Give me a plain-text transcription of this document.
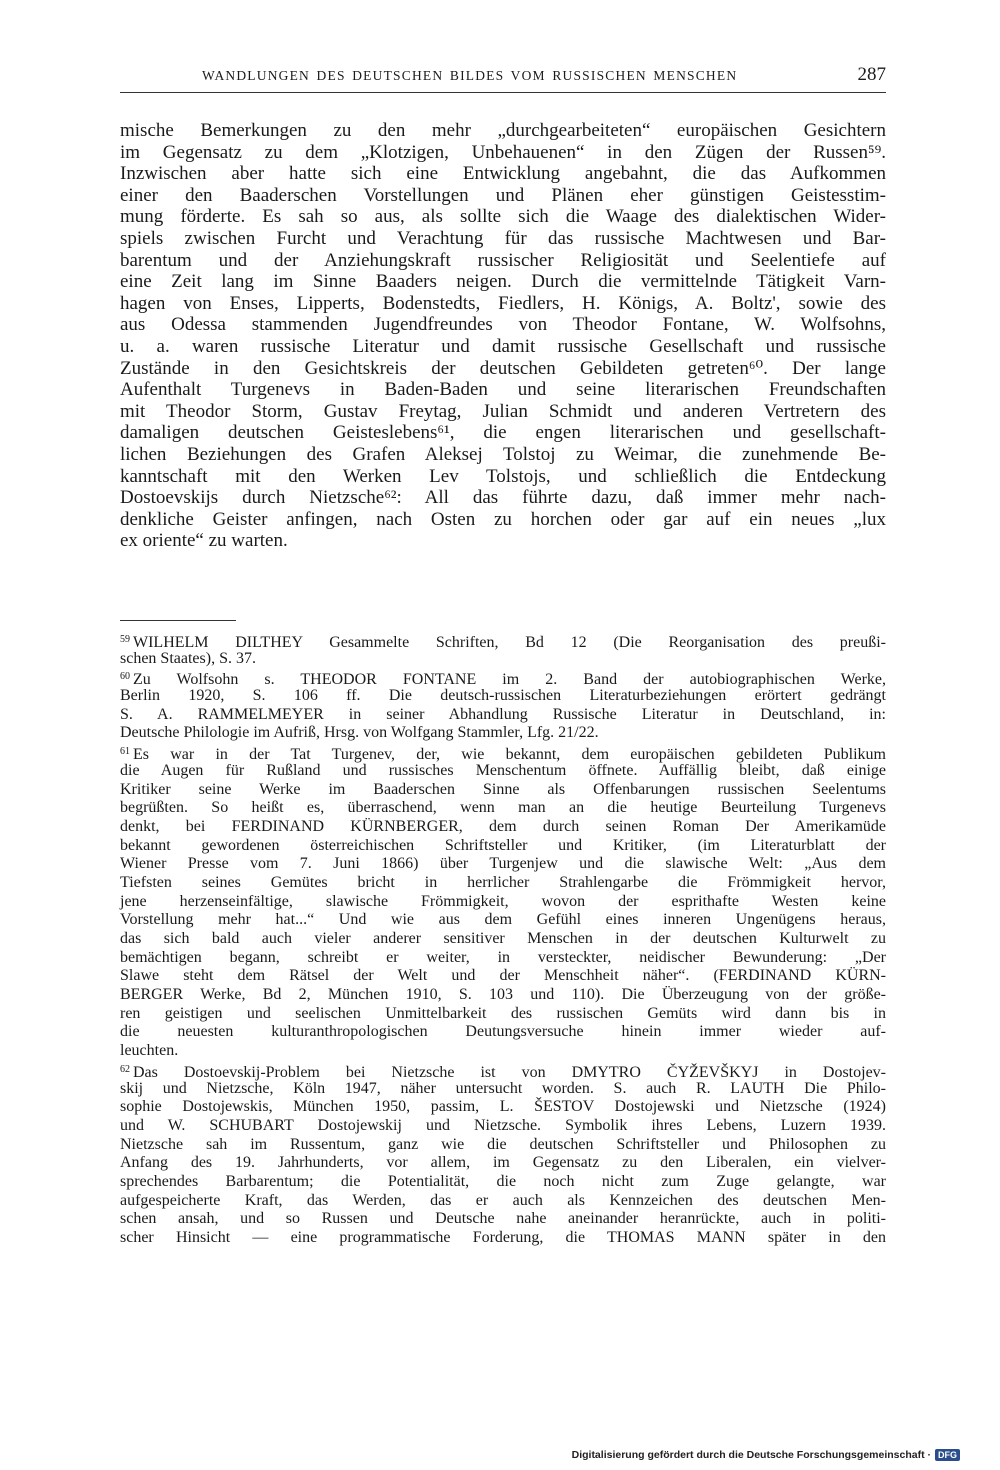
WANDLUNGEN DES DEUTSCHEN BILDES VOM RUSSISCHEN MENSCHEN	287
mische Bemerkungen zu den mehr „durchgearbeiteten“ europäischen Gesichtern
im Gegensatz zu dem „Klotzigen, Unbehauenen“ in den Zügen der Russen⁵⁹.
Inzwischen aber hatte sich eine Entwicklung angebahnt, die das Aufkommen
einer den Baaderschen Vorstellungen und Plänen eher günstigen Geistesstim-
mung förderte. Es sah so aus, als sollte sich die Waage des dialektischen Wider-
spiels zwischen Furcht und Verachtung für das russische Machtwesen und Bar-
barentum und der Anziehungskraft russischer Religiosität und Seelentiefe auf
eine Zeit lang im Sinne Baaders neigen. Durch die vermittelnde Tätigkeit Varn-
hagen von Enses, Lipperts, Bodenstedts, Fiedlers, H. Königs, A. Boltz', sowie des
aus Odessa stammenden Jugendfreundes von Theodor Fontane, W. Wolfsohns,
u. a. waren russische Literatur und damit russische Gesellschaft und russische
Zustände in den Gesichtskreis der deutschen Gebildeten getreten⁶⁰. Der lange
Aufenthalt Turgenevs in Baden-Baden und seine literarischen Freundschaften
mit Theodor Storm, Gustav Freytag, Julian Schmidt und anderen Vertretern des
damaligen deutschen Geisteslebens⁶¹, die engen literarischen und gesellschaft-
lichen Beziehungen des Grafen Aleksej Tolstoj zu Weimar, die zunehmende Be-
kanntschaft mit den Werken Lev Tolstojs, und schließlich die Entdeckung
Dostoevskijs durch Nietzsche⁶²: All das führte dazu, daß immer mehr nach-
denkliche Geister anfingen, nach Osten zu horchen oder gar auf ein neues „lux
ex oriente“ zu warten.
$^{59}$ WILHELM DILTHEY Gesammelte Schriften, Bd 12 (Die Reorganisation des preußi-
schen Staates), S. 37.
$^{60}$ Zu Wolfsohn s. THEODOR FONTANE im 2. Band der autobiographischen Werke,
Berlin 1920, S. 106 ff. Die deutsch-russischen Literaturbeziehungen erörtert gedrängt
S. A. RAMMELMEYER in seiner Abhandlung Russische Literatur in Deutschland, in:
Deutsche Philologie im Aufriß, Hrsg. von Wolfgang Stammler, Lfg. 21/22.
$^{61}$ Es war in der Tat Turgenev, der, wie bekannt, dem europäischen gebildeten Publikum
die Augen für Rußland und russisches Menschentum öffnete. Auffällig bleibt, daß einige
Kritiker seine Werke im Baaderschen Sinne als Offenbarungen russischen Seelentums
begrüßten. So heißt es, überraschend, wenn man an die heutige Beurteilung Turgenevs
denkt, bei FERDINAND KÜRNBERGER, dem durch seinen Roman Der Amerikamüde
bekannt gewordenen österreichischen Schriftsteller und Kritiker, (im Literaturblatt der
Wiener Presse vom 7. Juni 1866) über Turgenjew und die slawische Welt: „Aus dem
Tiefsten seines Gemütes bricht in herrlicher Strahlengarbe die Frömmigkeit hervor,
jene herzenseinfältige, slawische Frömmigkeit, wovon der esprithafte Westen keine
Vorstellung mehr hat...“ Und wie aus dem Gefühl eines inneren Ungenügens heraus,
das sich bald auch vieler anderer sensitiver Menschen in der deutschen Kulturwelt zu
bemächtigen begann, schreibt er weiter, in versteckter, neidischer Bewunderung: „Der
Slawe steht dem Rätsel der Welt und der Menschheit näher“. (FERDINAND KÜRN-
BERGER Werke, Bd 2, München 1910, S. 103 und 110). Die Überzeugung von der größe-
ren geistigen und seelischen Unmittelbarkeit des russischen Gemüts wird dann bis in
die neuesten kulturanthropologischen Deutungsversuche hinein immer wieder auf-
leuchten.
$^{62}$ Das Dostoevskij-Problem bei Nietzsche ist von DMYTRO ČYŽEVŠKYJ in Dostojev-
skij und Nietzsche, Köln 1947, näher untersucht worden. S. auch R. LAUTH Die Philo-
sophie Dostojewskis, München 1950, passim, L. ŠESTOV Dostojewski und Nietzsche (1924)
und W. SCHUBART Dostojewskij und Nietzsche. Symbolik ihres Lebens, Luzern 1939.
Nietzsche sah im Russentum, ganz wie die deutschen Schriftsteller und Philosophen zu
Anfang des 19. Jahrhunderts, vor allem, im Gegensatz zu den Liberalen, ein vielver-
sprechendes Barbarentum; die Potentialität, die noch nicht zum Zuge gelangte, war
aufgespeicherte Kraft, das Werden, das er auch als Kennzeichen des deutschen Men-
schen ansah, und so Russen und Deutsche nahe aneinander heranrückte, auch in politi-
scher Hinsicht — eine programmatische Forderung, die THOMAS MANN später in den
Digitalisierung gefördert durch die Deutsche Forschungsgemeinschaft · DFG
